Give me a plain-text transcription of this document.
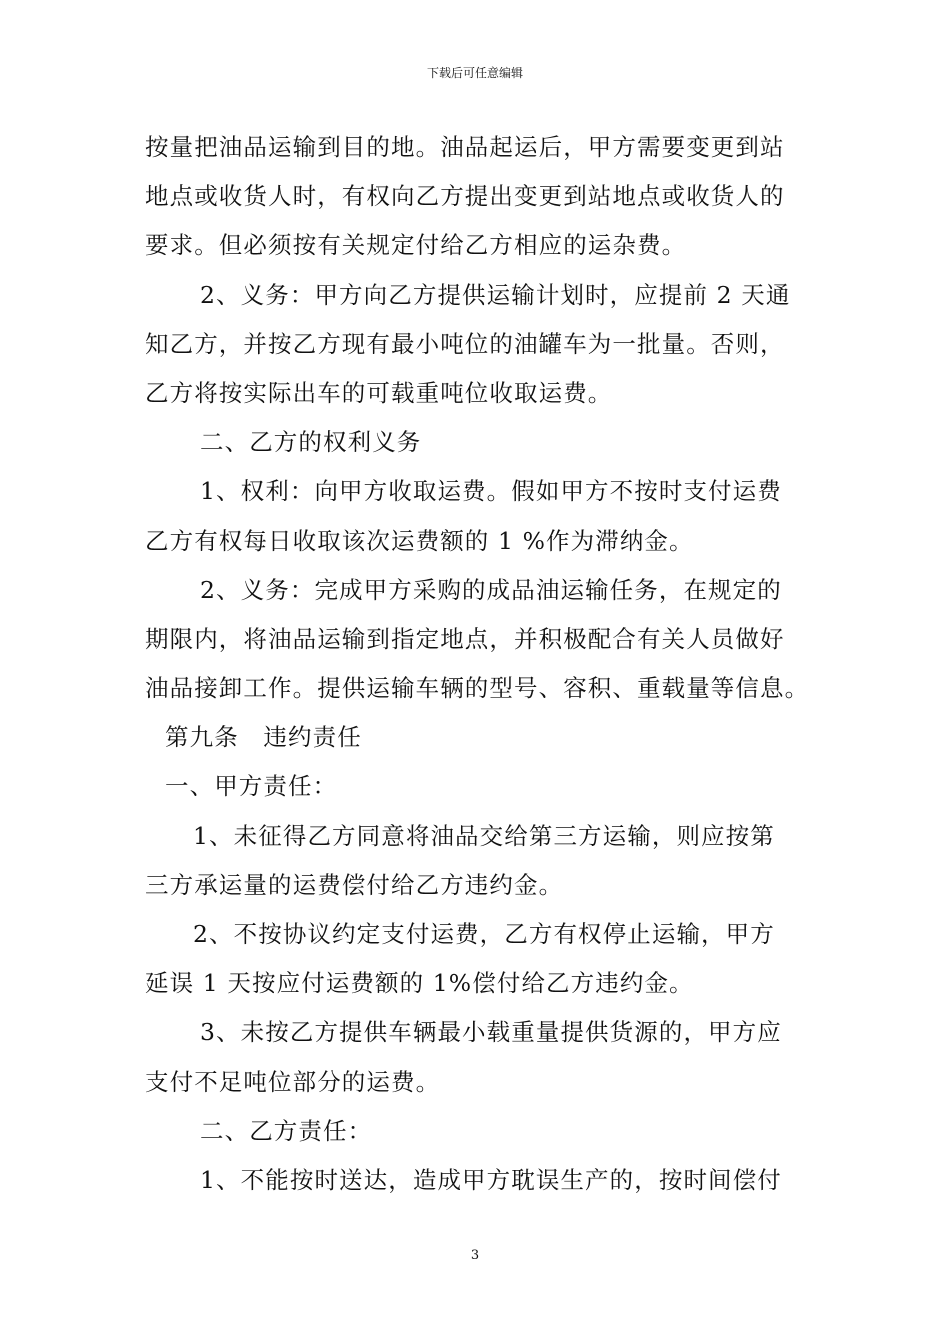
下载后可任意编辑
按量把油品运输到目的地。油品起运后，甲方需要变更到站
地点或收货人时，有权向乙方提出变更到站地点或收货人的
要求。但必须按有关规定付给乙方相应的运杂费。
2、义务：甲方向乙方提供运输计划时，应提前 2 天通
知乙方，并按乙方现有最小吨位的油罐车为一批量。否则，
乙方将按实际出车的可载重吨位收取运费。
二、乙方的权利义务
1、权利：向甲方收取运费。假如甲方不按时支付运费
乙方有权每日收取该次运费额的 1 %作为滞纳金。
2、义务：完成甲方采购的成品油运输任务，在规定的
期限内，将油品运输到指定地点，并积极配合有关人员做好
油品接卸工作。提供运输车辆的型号、容积、重载量等信息。
第九条　违约责任
一、甲方责任：
1、未征得乙方同意将油品交给第三方运输，则应按第
三方承运量的运费偿付给乙方违约金。
2、不按协议约定支付运费，乙方有权停止运输，甲方
延误 1 天按应付运费额的 1%偿付给乙方违约金。
3、未按乙方提供车辆最小载重量提供货源的，甲方应
支付不足吨位部分的运费。
二、乙方责任：
1、不能按时送达，造成甲方耽误生产的，按时间偿付
3
